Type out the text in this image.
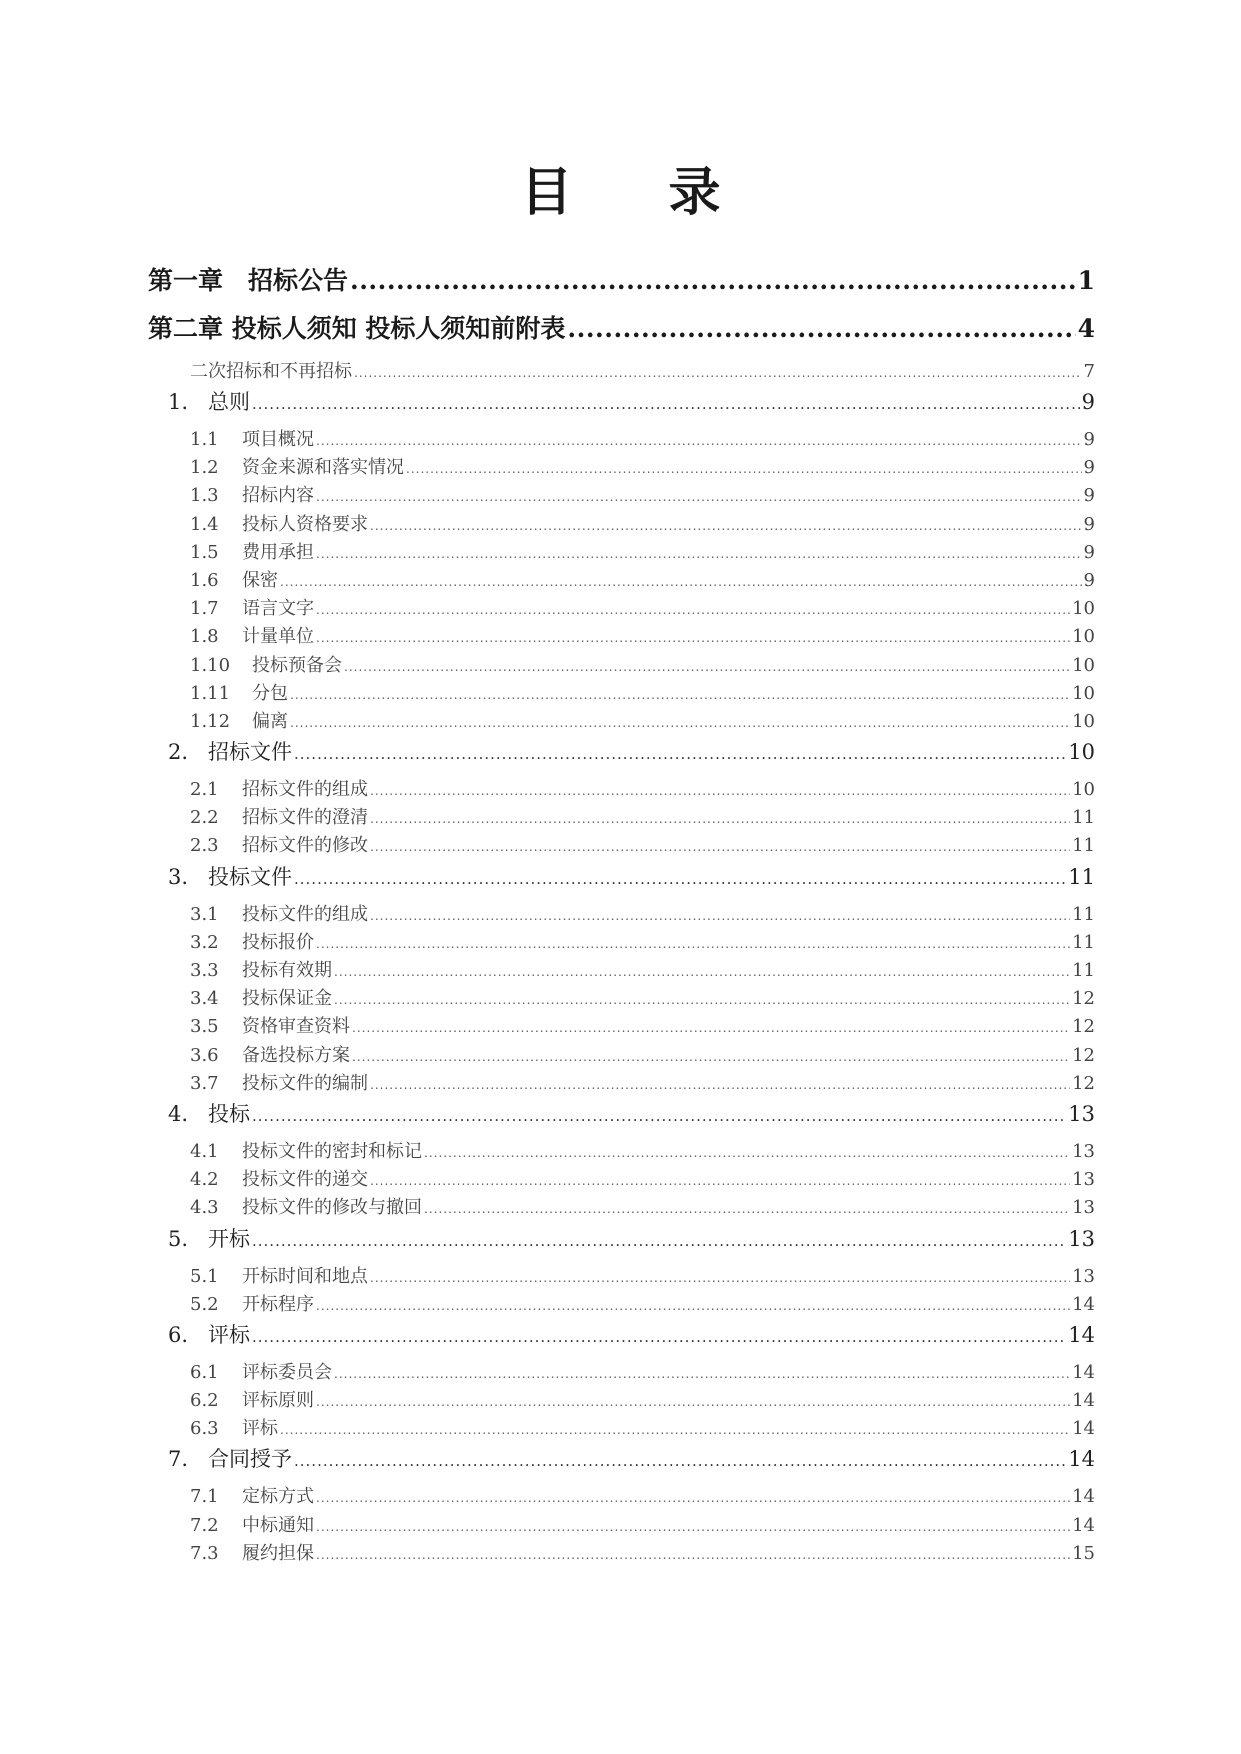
目 录
第一章　招标公告 .....	1
第二章 投标人须知 投标人须知前附表 .....	4
二次招标和不再招标 .....	7
1. 总则 .....	9
1.1 项目概况 .....	9
1.2 资金来源和落实情况 .....	9
1.3 招标内容 .....	9
1.4 投标人资格要求 .....	9
1.5 费用承担 .....	9
1.6 保密 .....	9
1.7 语言文字 .....	10
1.8 计量单位 .....	10
1.10 投标预备会 .....	10
1.11 分包 .....	10
1.12 偏离 .....	10
2. 招标文件 .....	10
2.1 招标文件的组成 .....	10
2.2 招标文件的澄清 .....	11
2.3 招标文件的修改 .....	11
3. 投标文件 .....	11
3.1 投标文件的组成 .....	11
3.2 投标报价 .....	11
3.3 投标有效期 .....	11
3.4 投标保证金 .....	12
3.5 资格审查资料 .....	12
3.6 备选投标方案 .....	12
3.7 投标文件的编制 .....	12
4. 投标 .....	13
4.1 投标文件的密封和标记 .....	13
4.2 投标文件的递交 .....	13
4.3 投标文件的修改与撤回 .....	13
5. 开标 .....	13
5.1 开标时间和地点 .....	13
5.2 开标程序 .....	14
6. 评标 .....	14
6.1 评标委员会 .....	14
6.2 评标原则 .....	14
6.3 评标 .....	14
7. 合同授予 .....	14
7.1 定标方式 .....	14
7.2 中标通知 .....	14
7.3 履约担保 .....	15
